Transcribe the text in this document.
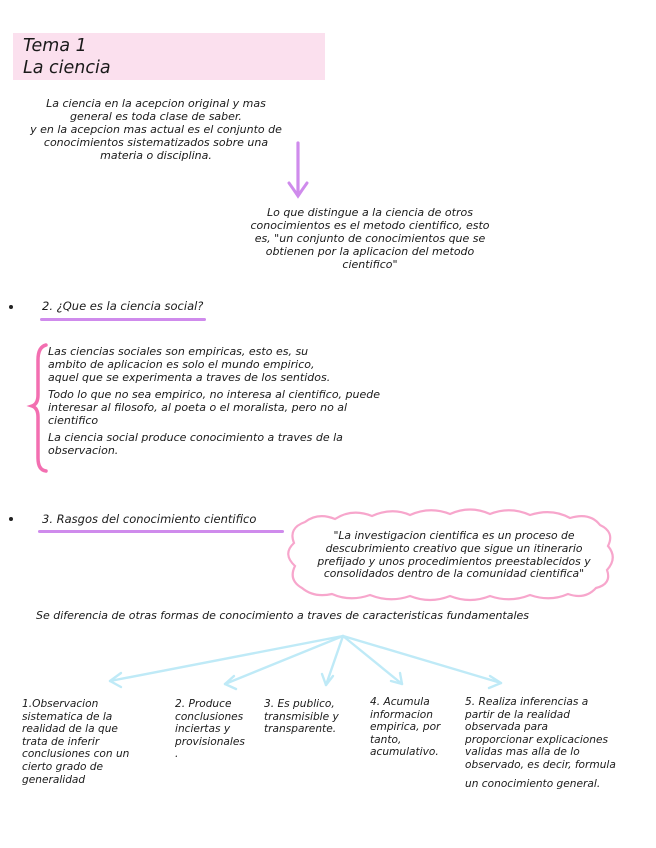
Tema 1
La ciencia
La ciencia en la acepcion original y mas
general es toda clase de saber.
y en la acepcion mas actual es el conjunto de
conocimientos sistematizados sobre una
materia o disciplina.
Lo que distingue a la ciencia de otros
conocimientos es el metodo cientifico, esto
es, "un conjunto de conocimientos que se
obtienen por la aplicacion del metodo
cientifico"
2. ¿Que es la ciencia social?
Las ciencias sociales son empiricas, esto es, su
ambito de aplicacion es solo el mundo empirico,
aquel que se experimenta a traves de los sentidos.
Todo lo que no sea empirico, no interesa al cientifico, puede
interesar al filosofo, al poeta o el moralista, pero no al
cientifico
La ciencia social produce conocimiento a traves de la
observacion.
3. Rasgos del conocimiento cientifico
"La investigacion cientifica es un proceso de
descubrimiento creativo que sigue un itinerario
prefijado y unos procedimientos preestablecidos y
consolidados dentro de la comunidad cientifica"
Se diferencia de otras formas de conocimiento a traves de caracteristicas fundamentales
1.Observacion
sistematica de la
realidad de la que
trata de inferir
conclusiones con un
cierto grado de
generalidad
2. Produce
conclusiones
inciertas y
provisionales
.
3. Es publico,
transmisible y
transparente.
4. Acumula
informacion
empirica, por
tanto,
acumulativo.
5. Realiza inferencias a
partir de la realidad
observada para
proporcionar explicaciones
validas mas alla de lo
observado, es decir, formula
un conocimiento general.
